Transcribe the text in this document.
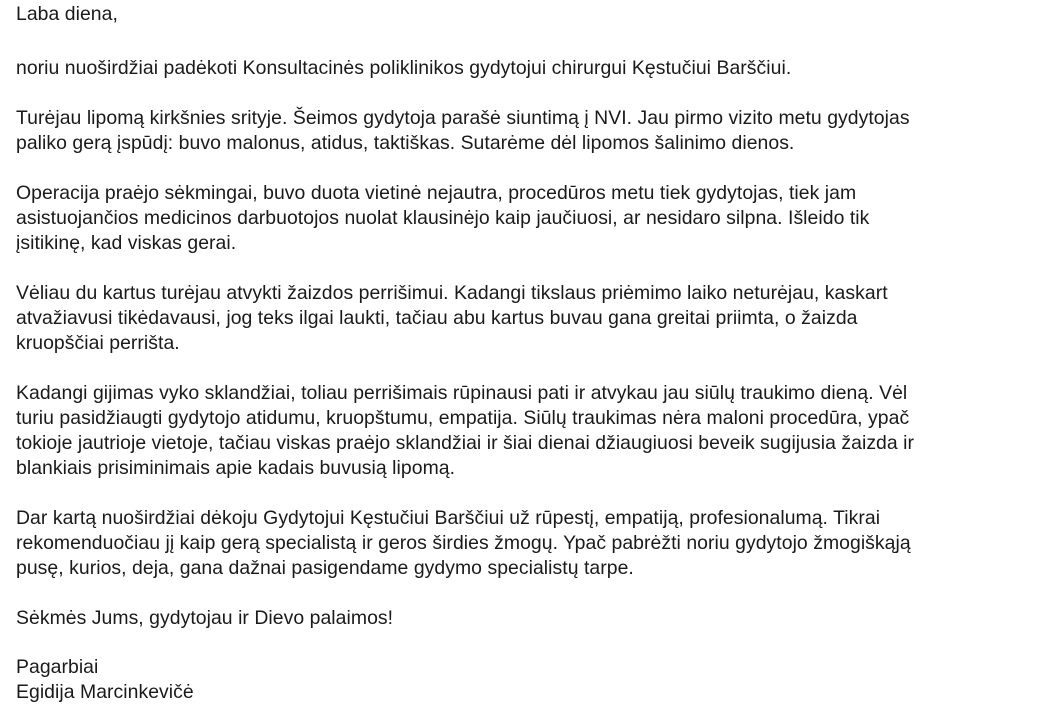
Laba diena,

noriu nuoširdžiai padėkoti Konsultacinės poliklinikos gydytojui chirurgui Kęstučiui Barščiui.

Turėjau lipomą kirkšnies srityje. Šeimos gydytoja parašė siuntimą į NVI. Jau pirmo vizito metu gydytojas
paliko gerą įspūdį: buvo malonus, atidus, taktiškas. Sutarėme dėl lipomos šalinimo dienos.

Operacija praėjo sėkmingai, buvo duota vietinė nejautra, procedūros metu tiek gydytojas, tiek jam
asistuojančios medicinos darbuotojos nuolat klausinėjo kaip jaučiuosi, ar nesidaro silpna. Išleido tik
įsitikinę, kad viskas gerai.

Vėliau du kartus turėjau atvykti žaizdos perrišimui. Kadangi tikslaus priėmimo laiko neturėjau, kaskart
atvažiavusi tikėdavausi, jog teks ilgai laukti, tačiau abu kartus buvau gana greitai priimta, o žaizda
kruopščiai perrišta.

Kadangi gijimas vyko sklandžiai, toliau perrišimais rūpinausi pati ir atvykau jau siūlų traukimo dieną. Vėl
turiu pasidžiaugti gydytojo atidumu, kruopštumu, empatija. Siūlų traukimas nėra maloni procedūra, ypač
tokioje jautrioje vietoje, tačiau viskas praėjo sklandžiai ir šiai dienai džiaugiuosi beveik sugijusia žaizda ir
blankiais prisiminimais apie kadais buvusią lipomą.

Dar kartą nuoširdžiai dėkoju Gydytojui Kęstučiui Barščiui už rūpestį, empatiją, profesionalumą. Tikrai
rekomenduočiau jį kaip gerą specialistą ir geros širdies žmogų. Ypač pabrėžti noriu gydytojo žmogiškąją
pusę, kurios, deja, gana dažnai pasigendame gydymo specialistų tarpe.

Sėkmės Jums, gydytojau ir Dievo palaimos!

Pagarbiai
Egidija Marcinkevičė
